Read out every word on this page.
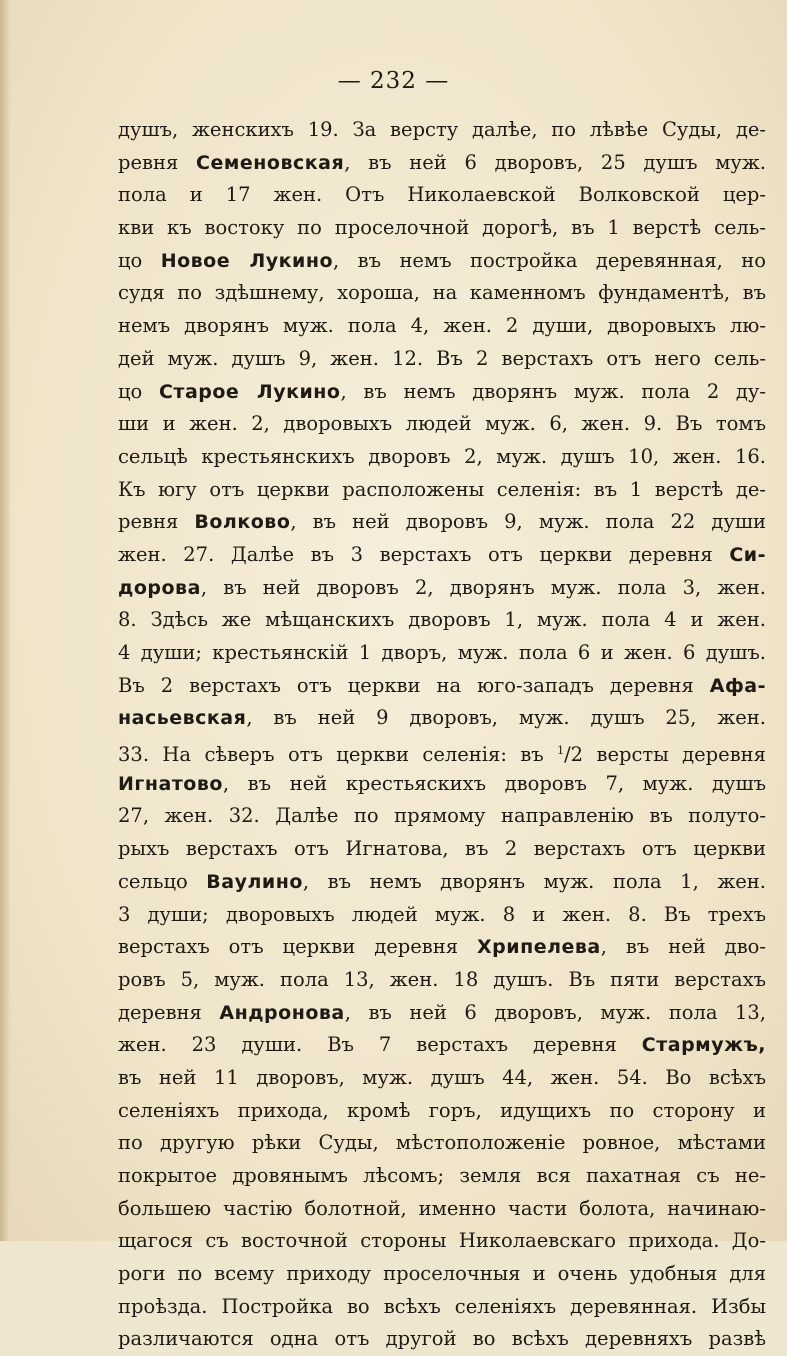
— 232 —
душъ, женскихъ 19. За версту далѣе, по лѣвѣе Суды, де-
ревня Семеновская, въ ней 6 дворовъ, 25 душъ муж.
пола и 17 жен. Отъ Николаевской Волковской цер-
кви къ востоку по проселочной дорогѣ, въ 1 верстѣ сель-
цо Новое Лукино, въ немъ постройка деревянная, но
судя по здѣшнему, хороша, на каменномъ фундаментѣ, въ
немъ дворянъ муж. пола 4, жен. 2 души, дворовыхъ лю-
дей муж. душъ 9, жен. 12. Въ 2 верстахъ отъ него сель-
цо Старое Лукино, въ немъ дворянъ муж. пола 2 ду-
ши и жен. 2, дворовыхъ людей муж. 6, жен. 9. Въ томъ
сельцѣ крестьянскихъ дворовъ 2, муж. душъ 10, жен. 16.
Къ югу отъ церкви расположены селенія: въ 1 верстѣ де-
ревня Волково, въ ней дворовъ 9, муж. пола 22 души
жен. 27. Далѣе въ 3 верстахъ отъ церкви деревня Си-
дорова, въ ней дворовъ 2, дворянъ муж. пола 3, жен.
8. Здѣсь же мѣщанскихъ дворовъ 1, муж. пола 4 и жен.
4 души; крестьянскій 1 дворъ, муж. пола 6 и жен. 6 душъ.
Въ 2 верстахъ отъ церкви на юго-западъ деревня Афа-
насьевская, въ ней 9 дворовъ, муж. душъ 25, жен.
33. На сѣверъ отъ церкви селенія: въ $^1$/2 версты деревня
Игнатово, въ ней крестьяскихъ дворовъ 7, муж. душъ
27, жен. 32. Далѣе по прямому направленію въ полуто-
рыхъ верстахъ отъ Игнатова, въ 2 верстахъ отъ церкви
сельцо Ваулино, въ немъ дворянъ муж. пола 1, жен.
3 души; дворовыхъ людей муж. 8 и жен. 8. Въ трехъ
верстахъ отъ церкви деревня Хрипелева, въ ней дво-
ровъ 5, муж. пола 13, жен. 18 душъ. Въ пяти верстахъ
деревня Андронова, въ ней 6 дворовъ, муж. пола 13,
жен. 23 души. Въ 7 верстахъ деревня Стармужъ,
въ ней 11 дворовъ, муж. душъ 44, жен. 54. Во всѣхъ
селеніяхъ прихода, кромѣ горъ, идущихъ по сторону и
по другую рѣки Суды, мѣстоположеніе ровное, мѣстами
покрытое дровянымъ лѣсомъ; земля вся пахатная съ не-
большею частію болотной, именно части болота, начинаю-
щагося съ восточной стороны Николаевскаго прихода. До-
роги по всему приходу проселочныя и очень удобныя для
проѣзда. Постройка во всѣхъ селеніяхъ деревянная. Избы
различаются одна отъ другой во всѣхъ деревняхъ развѣ
